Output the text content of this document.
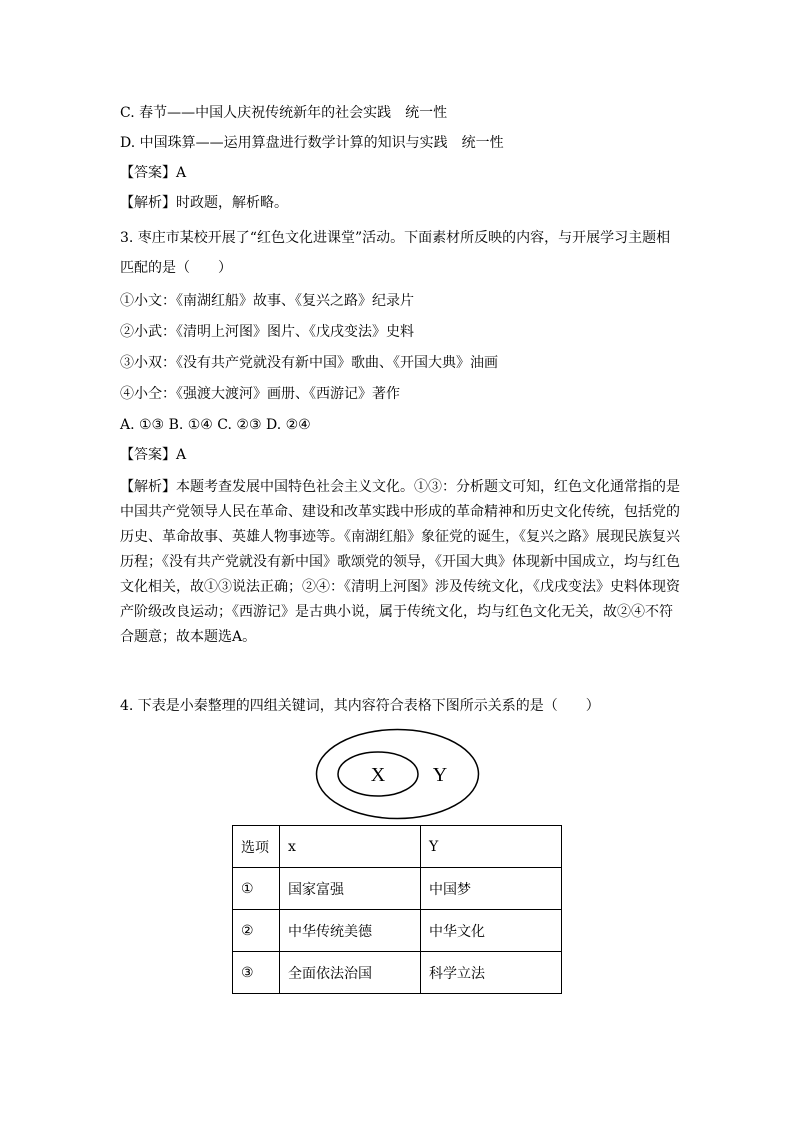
C. 春节——中国人庆祝传统新年的社会实践　统一性
D. 中国珠算——运用算盘进行数学计算的知识与实践　统一性
【答案】A
【解析】时政题，解析略。
3. 枣庄市某校开展了“红色文化进课堂”活动。下面素材所反映的内容，与开展学习主题相
匹配的是（　　）
①小文：《南湖红船》故事、《复兴之路》纪录片
②小武：《清明上河图》图片、《戊戌变法》史料
③小双：《没有共产党就没有新中国》歌曲、《开国大典》油画
④小仝：《强渡大渡河》画册、《西游记》著作
A. ①③ B. ①④ C. ②③ D. ②④
【答案】A
【解析】本题考查发展中国特色社会主义文化。①③：分析题文可知，红色文化通常指的是中国共产党领导人民在革命、建设和改革实践中形成的革命精神和历史文化传统，包括党的历史、革命故事、英雄人物事迹等。《南湖红船》象征党的诞生，《复兴之路》展现民族复兴历程；《没有共产党就没有新中国》歌颂党的领导，《开国大典》体现新中国成立，均与红色文化相关，故①③说法正确；②④：《清明上河图》涉及传统文化，《戊戌变法》史料体现资产阶级改良运动；《西游记》是古典小说，属于传统文化，均与红色文化无关，故②④不符合题意；故本题选A。
4. 下表是小秦整理的四组关键词，其内容符合表格下图所示关系的是（　　）
X Y
选项	x	Y
①	国家富强	中国梦
②	中华传统美德	中华文化
③	全面依法治国	科学立法
